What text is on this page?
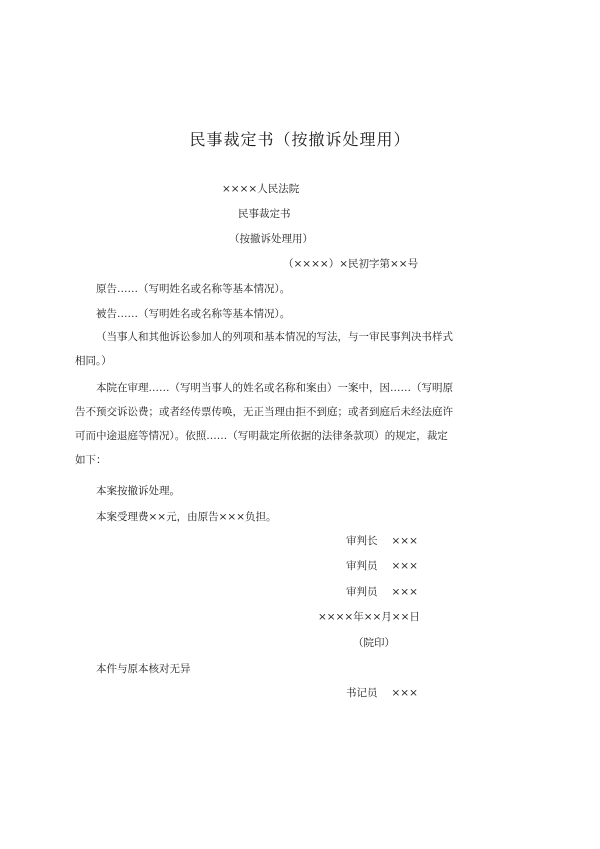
民事裁定书（按撤诉处理用）
××××人民法院
民事裁定书
（按撤诉处理用）
（××××）×民初字第××号
原告……（写明姓名或名称等基本情况）。
被告……（写明姓名或名称等基本情况）。
（当事人和其他诉讼参加人的列项和基本情况的写法，与一审民事判决书样式
相同。）
本院在审理……（写明当事人的姓名或名称和案由）一案中，因……（写明原
告不预交诉讼费；或者经传票传唤，无正当理由拒不到庭；或者到庭后未经法庭许
可而中途退庭等情况）。依照……（写明裁定所依据的法律条款项）的规定，裁定
如下：
本案按撤诉处理。
本案受理费××元，由原告×××负担。
审判长 ×××
审判员 ×××
审判员 ×××
××××年××月××日
（院印）
本件与原本核对无异
书记员 ×××
